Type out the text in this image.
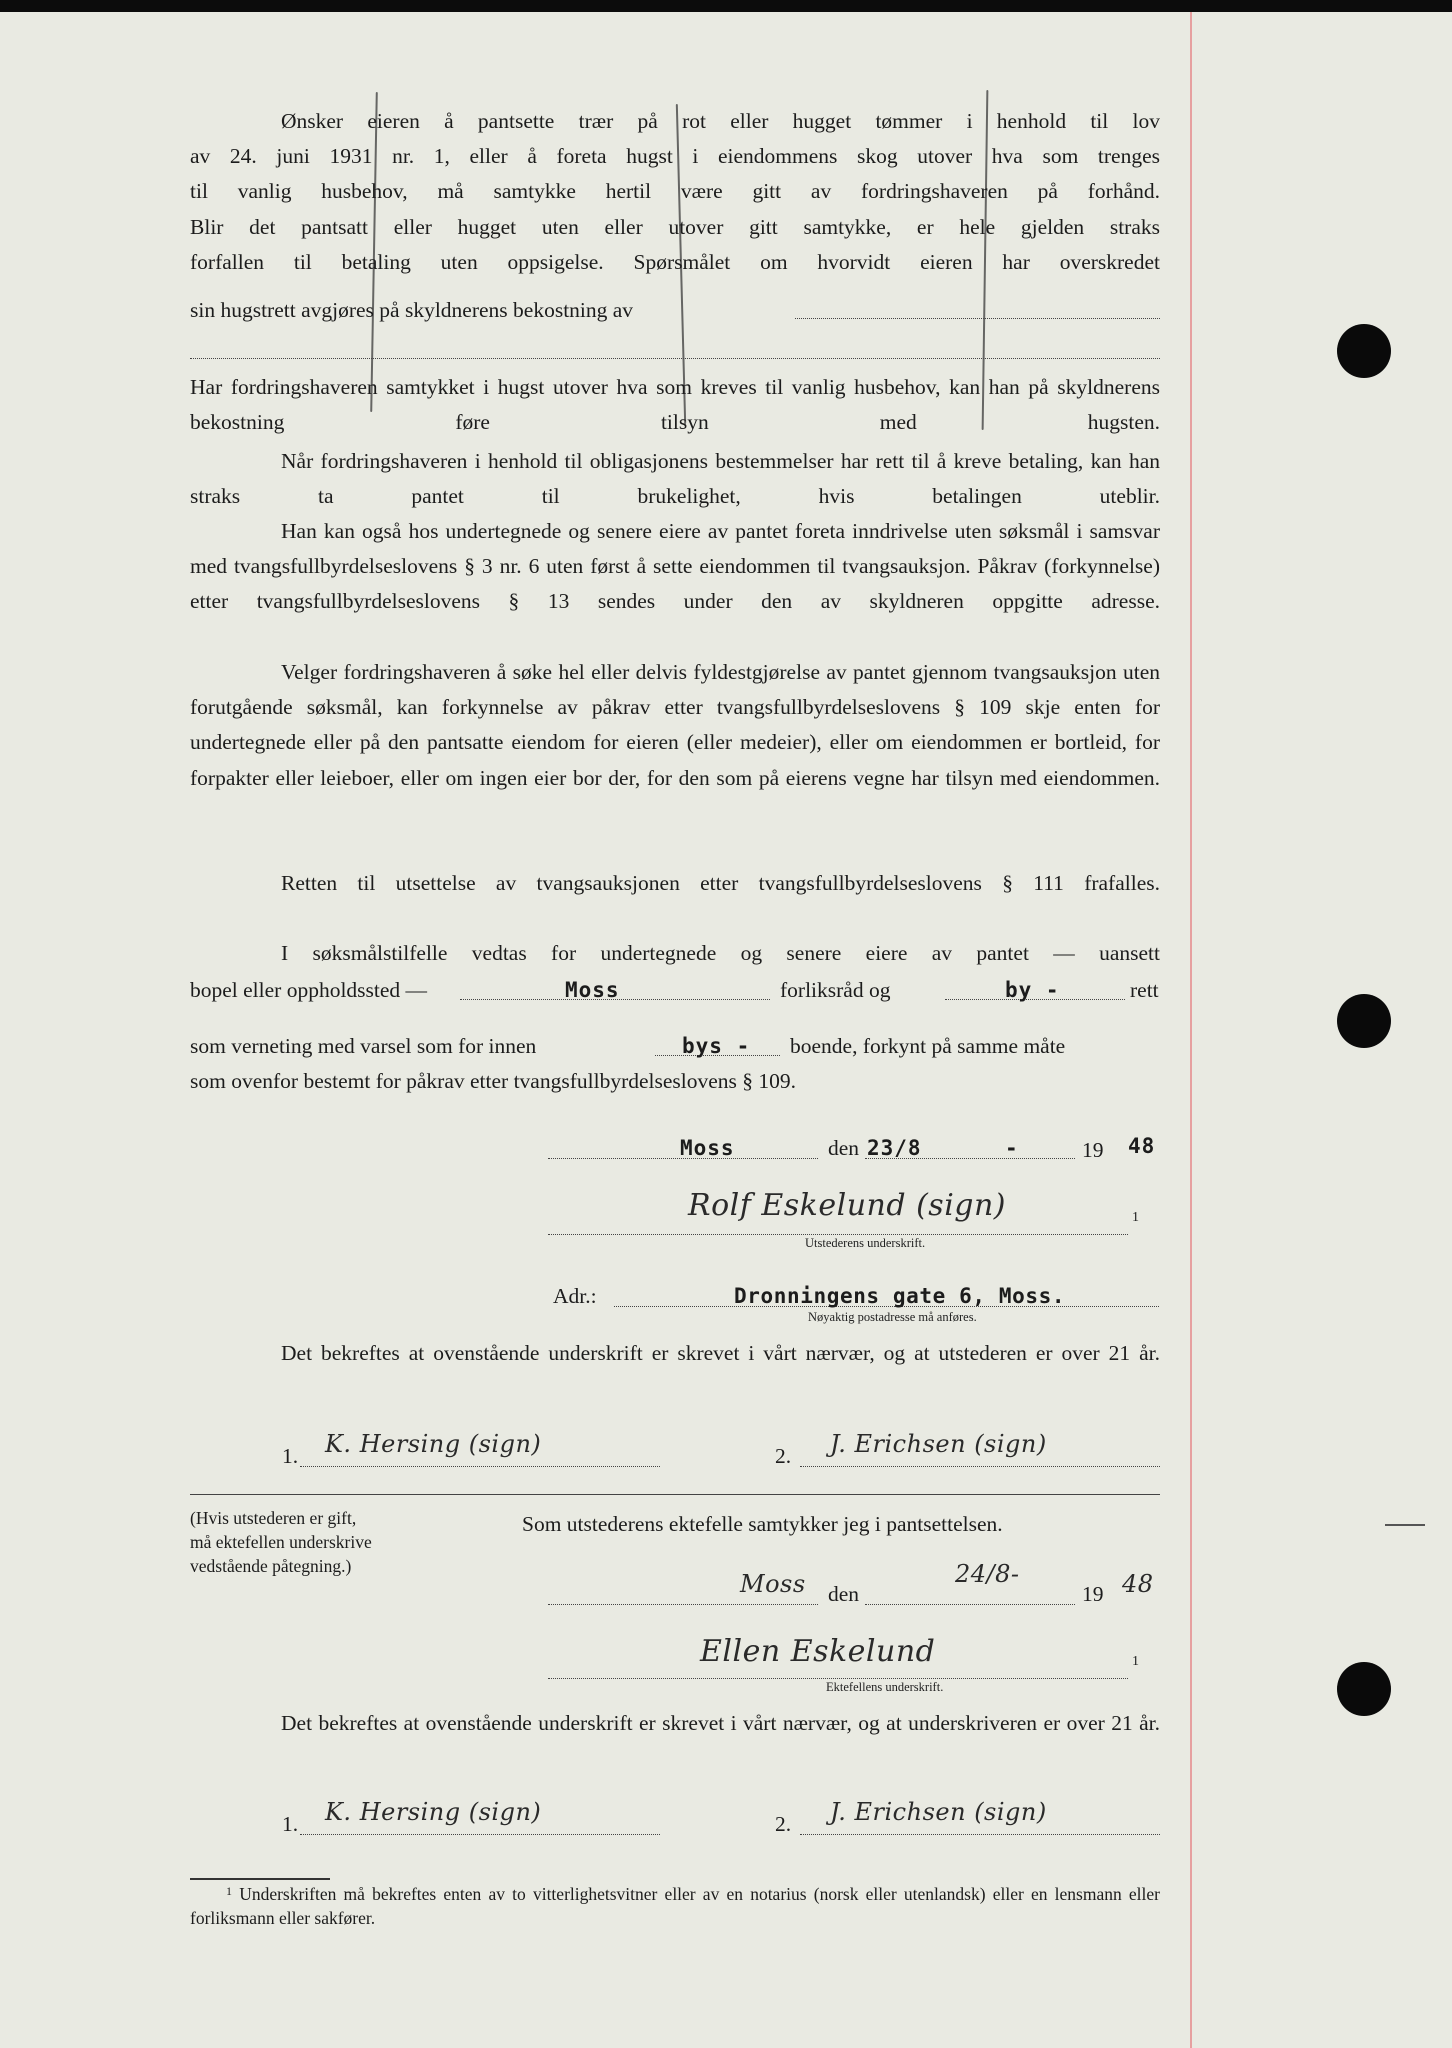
Ønsker eieren å pantsette trær på rot eller hugget tømmer i henhold til lov
av 24. juni 1931 nr. 1, eller å foreta hugst i eiendommens skog utover hva som trenges
til vanlig husbehov, må samtykke hertil være gitt av fordringshaveren på forhånd.
Blir det pantsatt eller hugget uten eller utover gitt samtykke, er hele gjelden straks
forfallen til betaling uten oppsigelse. Spørsmålet om hvorvidt eieren har overskredet
sin hugstrett avgjøres på skyldnerens bekostning av
Har fordringshaveren samtykket i hugst utover hva som kreves til vanlig husbehov, kan han på skyldnerens bekostning føre tilsyn med hugsten.
Når fordringshaveren i henhold til obligasjonens bestemmelser har rett til å kreve betaling, kan han straks ta pantet til brukelighet, hvis betalingen uteblir.
Han kan også hos undertegnede og senere eiere av pantet foreta inndrivelse uten søksmål i samsvar med tvangsfullbyrdelseslovens § 3 nr. 6 uten først å sette eiendommen til tvangsauksjon. Påkrav (forkynnelse) etter tvangsfullbyrdelseslovens § 13 sendes under den av skyldneren oppgitte adresse.
Velger fordringshaveren å søke hel eller delvis fyldestgjørelse av pantet gjennom tvangsauksjon uten forutgående søksmål, kan forkynnelse av påkrav etter tvangsfullbyrdelseslovens § 109 skje enten for undertegnede eller på den pantsatte eiendom for eieren (eller medeier), eller om eiendommen er bortleid, for forpakter eller leieboer, eller om ingen eier bor der, for den som på eierens vegne har tilsyn med eiendommen.
Retten til utsettelse av tvangsauksjonen etter tvangsfullbyrdelseslovens § 111 frafalles.
I søksmålstilfelle vedtas for undertegnede og senere eiere av pantet — uansett
bopel eller oppholdssted —	Moss	forliksråd og	by -	rett
som verneting med varsel som for innen	bys - boende, forkynt på samme måte
som ovenfor bestemt for påkrav etter tvangsfullbyrdelseslovens § 109.
Moss	den 23/8	-	19 48
Rolf Eskelund (sign)	1
Utstederens underskrift.
Adr.:	Dronningens gate 6, Moss.
Nøyaktig postadresse må anføres.
Det bekreftes at ovenstående underskrift er skrevet i vårt nærvær, og at utstederen er over 21 år.
1. K. Hersing (sign)	2. J. Erichsen (sign)
(Hvis utstederen er gift,
må ektefellen underskrive
vedstående påtegning.)
Som utstederens ektefelle samtykker jeg i pantsettelsen.
Moss den
24/8-
19 48
Ellen Eskelund	1
Ektefellens underskrift.
Det bekreftes at ovenstående underskrift er skrevet i vårt nærvær, og at underskriveren er over 21 år.
1. K. Hersing (sign)	2. J. Erichsen (sign)
$^1$ Underskriften må bekreftes enten av to vitterlighetsvitner eller av en notarius (norsk eller utenlandsk) eller en lensmann eller forliksmann eller sakfører.
